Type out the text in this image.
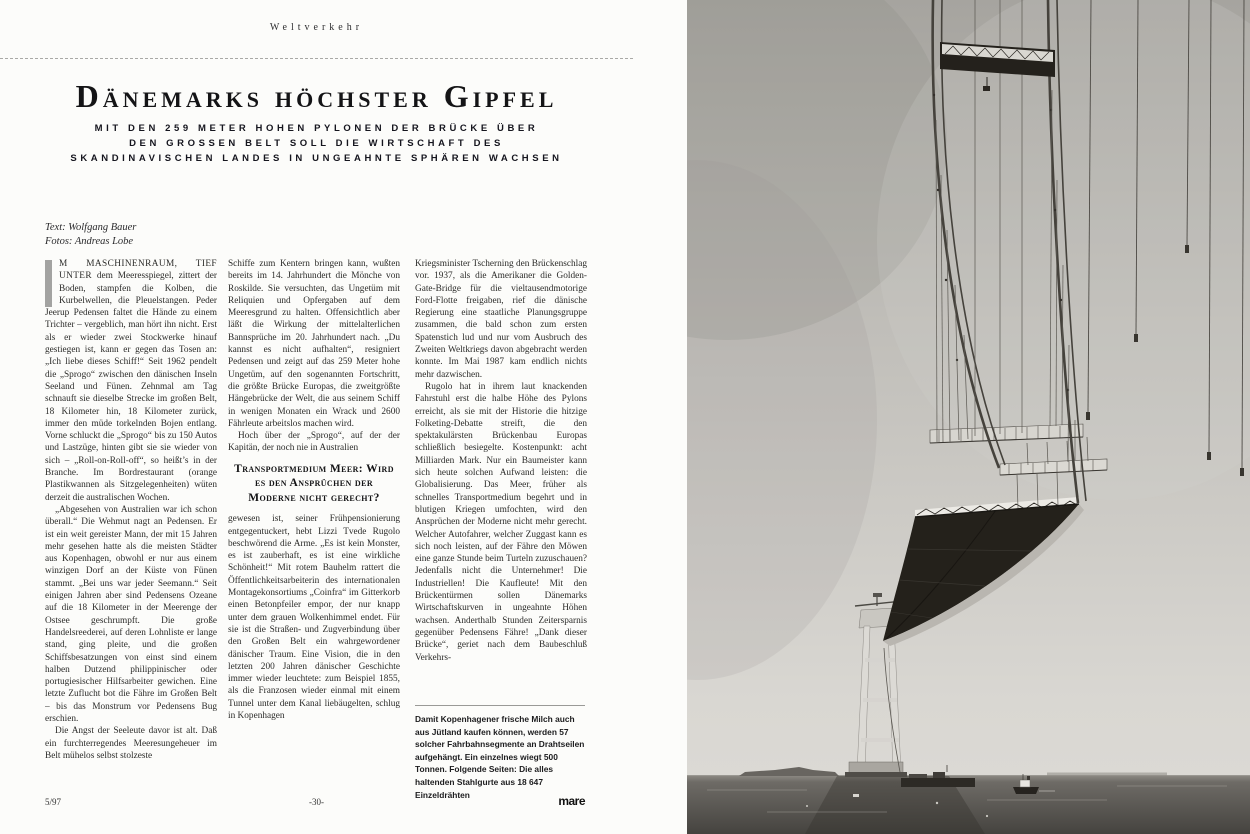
Weltverkehr
Dänemarks höchster Gipfel
MIT DEN 259 METER HOHEN PYLONEN DER BRÜCKE ÜBER
DEN GROSSEN BELT SOLL DIE WIRTSCHAFT DES
SKANDINAVISCHEN LANDES IN UNGEAHNTE SPHÄREN WACHSEN
Text: Wolfgang Bauer
Fotos: Andreas Lobe

M MASCHINENRAUM, TIEF UNTER dem Meeresspiegel, zittert der Boden, stampfen die Kolben, die Kurbelwellen, die Pleuelstangen. Peder Jeerup Pedensen faltet die Hände zu einem Trichter – vergeblich, man hört ihn nicht. Erst als er wieder zwei Stockwerke hinauf gestiegen ist, kann er gegen das Tosen an: „Ich liebe dieses Schiff!“ Seit 1962 pendelt die „Sprogo“ zwischen den dänischen Inseln Seeland und Fünen. Zehnmal am Tag schnauft sie dieselbe Strecke im großen Belt, 18 Kilometer hin, 18 Kilometer zurück, immer den müde torkelnden Bojen entlang. Vorne schluckt die „Sprogo“ bis zu 150 Autos und Lastzüge, hinten gibt sie sie wieder von sich – „Roll-on-Roll-off“, so heißt’s in der Branche. Im Bordrestaurant (orange Plastikwannen als Sitzgelegenheiten) wüten derzeit die australischen Wochen.

„Abgesehen von Australien war ich schon überall.“ Die Wehmut nagt an Pedensen. Er ist ein weit gereister Mann, der mit 15 Jahren mehr gesehen hatte als die meisten Städter aus Kopenhagen, obwohl er nur aus einem winzigen Dorf an der Küste von Fünen stammt. „Bei uns war jeder Seemann.“ Seit einigen Jahren aber sind Pedensens Ozeane auf die 18 Kilometer in der Meerenge der Ostsee geschrumpft. Die große Handelsreederei, auf deren Lohnliste er lange stand, ging pleite, und die großen Schiffsbesatzungen von einst sind einem halben Dutzend philippinischer oder portugiesischer Hilfsarbeiter gewichen. Eine letzte Zuflucht bot die Fähre im Großen Belt – bis das Monstrum vor Pedensens Bug erschien.

Die Angst der Seeleute davor ist alt. Daß ein furchterregendes Meeresungeheuer im Belt mühelos selbst stolzeste

Schiffe zum Kentern bringen kann, wußten bereits im 14. Jahrhundert die Mönche von Roskilde. Sie versuchten, das Ungetüm mit Reliquien und Opfergaben auf dem Meeresgrund zu halten. Offensichtlich aber läßt die Wirkung der mittelalterlichen Bannsprüche im 20. Jahrhundert nach. „Du kannst es nicht aufhalten“, resigniert Pedensen und zeigt auf das 259 Meter hohe Ungetüm, auf den sogenannten Fortschritt, die größte Brücke Europas, die zweitgrößte Hängebrücke der Welt, die aus seinem Schiff in wenigen Monaten ein Wrack und 2600 Fährleute arbeitslos machen wird.

Hoch über der „Sprogo“, auf der der Kapitän, der noch nie in Australien

Transportmedium Meer: Wird es den Ansprüchen der Moderne nicht gerecht?

gewesen ist, seiner Frühpensionierung entgegentuckert, hebt Lizzi Tvede Rugolo beschwörend die Arme. „Es ist kein Monster, es ist zauberhaft, es ist eine wirkliche Schönheit!“ Mit rotem Bauhelm rattert die Öffentlichkeitsarbeiterin des internationalen Montagekonsortiums „Coinfra“ im Gitterkorb einen Betonpfeiler empor, der nur knapp unter dem grauen Wolkenhimmel endet. Für sie ist die Straßen- und Zugverbindung über den Großen Belt ein wahrgewordener dänischer Traum. Eine Vision, die in den letzten 200 Jahren dänischer Geschichte immer wieder leuchtete: zum Beispiel 1855, als die Franzosen wieder einmal mit einem Tunnel unter dem Kanal liebäugelten, schlug in Kopenhagen

Kriegsminister Tscherning den Brückenschlag vor. 1937, als die Amerikaner die Golden-Gate-Bridge für die vieltausendmotorige Ford-Flotte freigaben, rief die dänische Regierung eine staatliche Planungsgruppe zusammen, die bald schon zum ersten Spatenstich lud und nur vom Ausbruch des Zweiten Weltkriegs davon abgebracht werden konnte. Im Mai 1987 kam endlich nichts mehr dazwischen.

Rugolo hat in ihrem laut knackenden Fahrstuhl erst die halbe Höhe des Pylons erreicht, als sie mit der Historie die hitzige Folketing-Debatte streift, die den spektakulärsten Brückenbau Europas schließlich besiegelte. Kostenpunkt: acht Milliarden Mark. Nur ein Baumeister kann sich heute solchen Aufwand leisten: die Globalisierung. Das Meer, früher als schnelles Transportmedium begehrt und in blutigen Kriegen umfochten, wird den Ansprüchen der Moderne nicht mehr gerecht. Welcher Autofahrer, welcher Zuggast kann es sich noch leisten, auf der Fähre den Möwen eine ganze Stunde beim Turteln zuzuschauen? Jedenfalls nicht die Unternehmer! Die Industriellen! Die Kaufleute! Mit den Brückentürmen sollen Dänemarks Wirtschaftskurven in ungeahnte Höhen wachsen. Anderthalb Stunden Zeitersparnis gegenüber Pedensens Fähre! „Dank dieser Brücke“, geriet nach dem Baubeschluß Verkehrs-

Damit Kopenhagener frische Milch auch aus Jütland kaufen können, werden 57 solcher Fahrbahnsegmente an Drahtseilen aufgehängt. Ein einzelnes wiegt 500 Tonnen. Folgende Seiten: Die alles haltenden Stahlgurte aus 18 647 Einzeldrähten
5/97	-30-	mare
